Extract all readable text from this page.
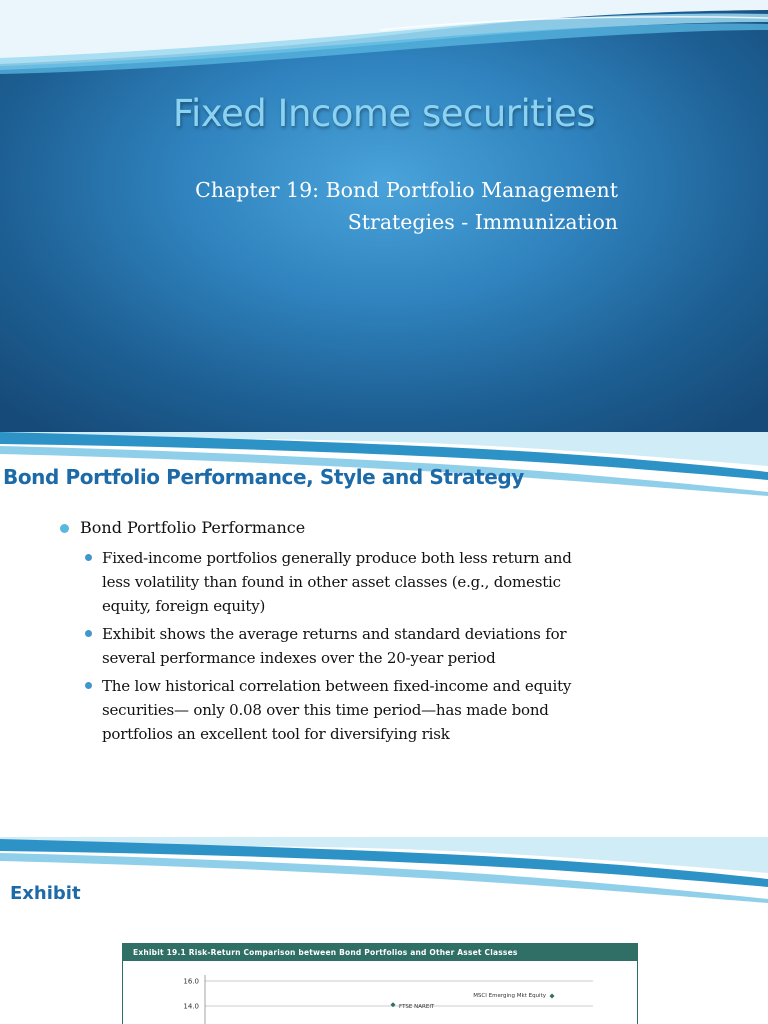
Fixed Income securities
Chapter 19: Bond Portfolio Management
Strategies - Immunization
Bond Portfolio Performance, Style and Strategy
Bond Portfolio Performance
Fixed-income portfolios generally produce both less return and
less volatility than found in other asset classes (e.g., domestic
equity, foreign equity)
Exhibit shows the average returns and standard deviations for
several performance indexes over the 20-year period
The low historical correlation between fixed-income and equity
securities— only 0.08 over this time period—has made bond
portfolios an excellent tool for diversifying risk
Exhibit
Exhibit 19.1 Risk-Return Comparison between Bond Portfolios and Other Asset Classes
16.0
14.0
MSCI Emerging Mkt Equity
FTSE NAREIT
